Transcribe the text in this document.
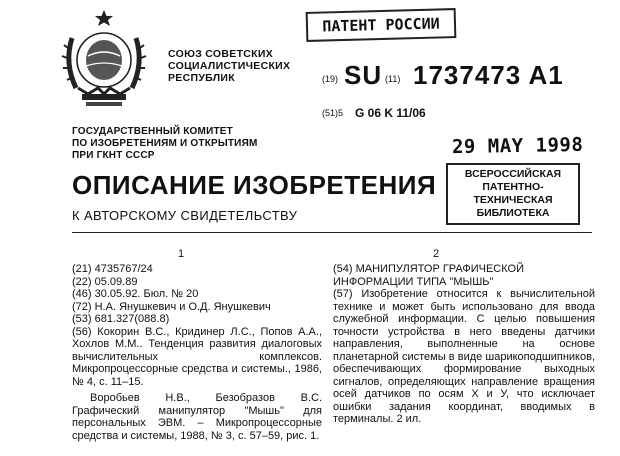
СОЮЗ СОВЕТСКИХ
СОЦИАЛИСТИЧЕСКИХ
РЕСПУБЛИК
ПАТЕНТ РОССИИ
(19) SU (11) 1737473 A1
(51)5 G 06 K 11/06
ГОСУДАРСТВЕННЫЙ КОМИТЕТ
ПО ИЗОБРЕТЕНИЯМ И ОТКРЫТИЯМ
ПРИ ГКНТ СССР	29 MAY 1998
ОПИСАНИЕ ИЗОБРЕТЕНИЯ
К АВТОРСКОМУ СВИДЕТЕЛЬСТВУ
ВСЕРОССИЙСКАЯ
ПАТЕНТНО-ТЕХНИЧЕСКАЯ
БИБЛИОТЕКА
1	2

(21) 4735767/24

(22) 05.09.89

(46) 30.05.92. Бюл. № 20

(72) Н.А. Янушкевич и О.Д. Янушкевич

(53) 681.327(088.8)

(56) Кокорин В.С., Кридинер Л.С., Попов А.А., Хохлов М.М.. Тенденция развития диалоговых вычислительных комплексов. Микропроцессорные средства и системы., 1986, № 4, с. 11–15.

Воробьев Н.В., Безобразов В.С. Графический манипулятор "Мышь" для персональных ЭВМ. – Микропроцессорные средства и системы, 1988, № 3, с. 57–59, рис. 1.

(54) МАНИПУЛЯТОР ГРАФИЧЕСКОЙ ИНФОРМАЦИИ ТИПА "МЫШЬ"

(57) Изобретение относится к вычислительной технике и может быть использовано для ввода служебной информации. С целью повышения точности устройства в него введены датчики направления, выполненные на основе планетарной системы в виде шарикоподшипников, обеспечивающих формирование выходных сигналов, определяющих направление вращения осей датчиков по осям X и У, что исключает ошибки задания координат, вводимых в терминалы. 2 ил.
